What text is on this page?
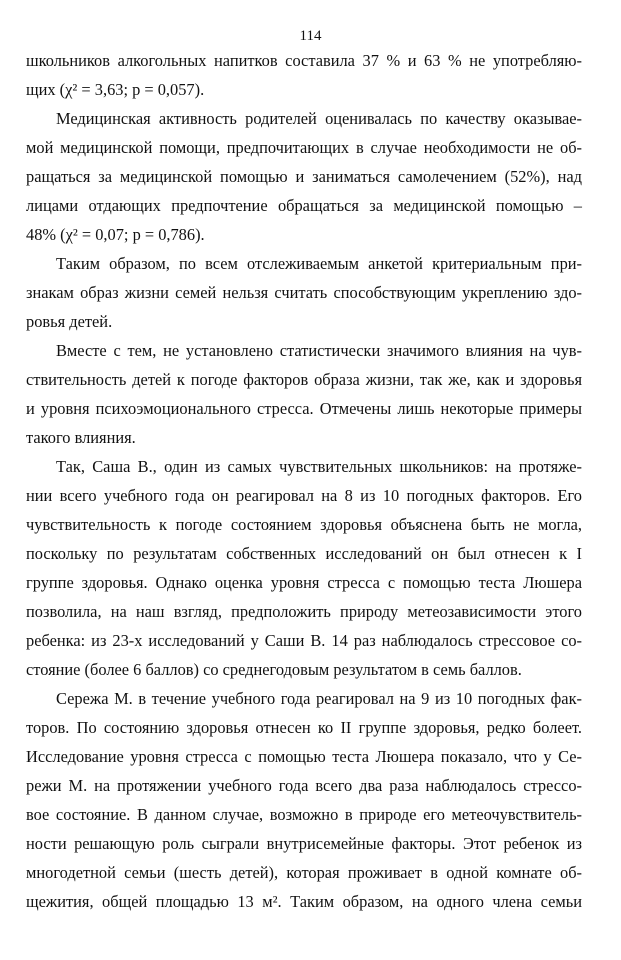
114
школьников алкогольных напитков составила 37 % и 63 % не употребляю-
щих (χ² = 3,63; p = 0,057).
Медицинская активность родителей оценивалась по качеству оказывае-
мой медицинской помощи, предпочитающих в случае необходимости не об-
ращаться за медицинской помощью и заниматься самолечением (52%), над
лицами отдающих предпочтение обращаться за медицинской помощью –
48% (χ² = 0,07; p = 0,786).
Таким образом, по всем отслеживаемым анкетой критериальным при-
знакам образ жизни семей нельзя считать способствующим укреплению здо-
ровья детей.
Вместе с тем, не установлено статистически значимого влияния на чув-
ствительность детей к погоде факторов образа жизни, так же, как и здоровья
и уровня психоэмоционального стресса. Отмечены лишь некоторые примеры
такого влияния.
Так, Саша В., один из самых чувствительных школьников: на протяже-
нии всего учебного года он реагировал на 8 из 10 погодных факторов. Его
чувствительность к погоде состоянием здоровья объяснена быть не могла,
поскольку по результатам собственных исследований он был отнесен к I
группе здоровья. Однако оценка уровня стресса с помощью теста Люшера
позволила, на наш взгляд, предположить природу метеозависимости этого
ребенка: из 23-х исследований у Саши В. 14 раз наблюдалось стрессовое со-
стояние (более 6 баллов) со среднегодовым результатом в семь баллов.
Сережа М. в течение учебного года реагировал на 9 из 10 погодных фак-
торов. По состоянию здоровья отнесен ко II группе здоровья, редко болеет.
Исследование уровня стресса с помощью теста Люшера показало, что у Се-
режи М. на протяжении учебного года всего два раза наблюдалось стрессо-
вое состояние. В данном случае, возможно в природе его метеочувствитель-
ности решающую роль сыграли внутрисемейные факторы. Этот ребенок из
многодетной семьи (шесть детей), которая проживает в одной комнате об-
щежития, общей площадью 13 м². Таким образом, на одного члена семьи
